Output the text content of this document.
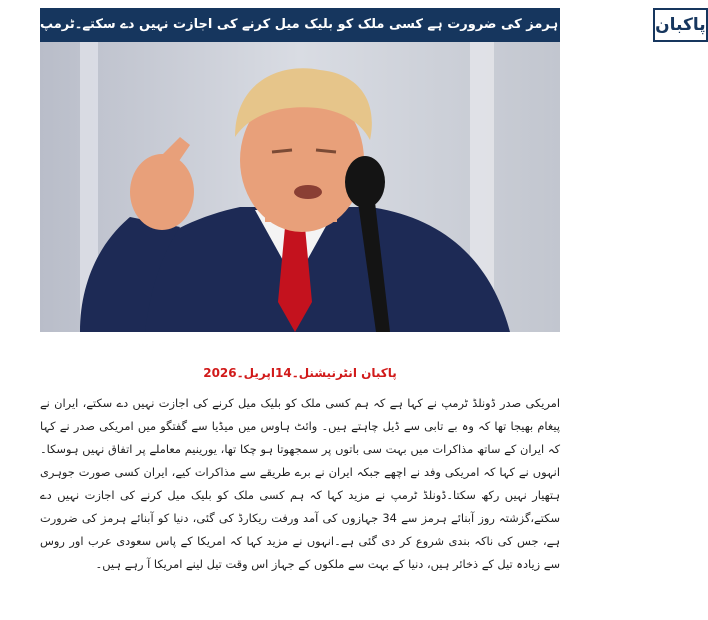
دنیا کو آبنائے ہرمز کی ضرورت ہے کسی ملک کو بلیک میل کرنے کی اجازت نہیں دے سکتے۔ٹرمپ پاکبان
پاکبان انٹرنیشنل۔14اپریل۔2026

امریکی صدر ڈونلڈ ٹرمپ نے کہا ہے کہ ہم کسی ملک کو بلیک میل کرنے کی اجازت نہیں دے سکتے، ایران نے پیغام بھیجا تھا کہ وہ بے تابی سے ڈیل چاہتے ہیں۔ وائٹ ہاوس میں میڈیا سے گفتگو میں امریکی صدر نے کہا کہ ایران کے ساتھ مذاکرات میں بہت سی باتوں پر سمجھوتا ہو چکا تھا، یورینیم معاملے پر اتفاق نہیں ہوسکا۔انہوں نے کہا کہ امریکی وفد نے اچھے جبکہ ایران نے برے طریقے سے مذاکرات کیے، ایران کسی صورت جوہری ہتھیار نہیں رکھ سکتا۔ڈونلڈ ٹرمپ نے مزید کہا کہ ہم کسی ملک کو بلیک میل کرنے کی اجازت نہیں دے سکتے،گزشتہ روز آبنائے ہرمز سے 34 جہازوں کی آمد ورفت ریکارڈ کی گئی، دنیا کو آبنائے ہرمز کی ضرورت ہے، جس کی ناکہ بندی شروع کر دی گئی ہے۔انہوں نے مزید کہا کہ امریکا کے پاس سعودی عرب اور روس سے زیادہ تیل کے ذخائر ہیں، دنیا کے بہت سے ملکوں کے جہاز اس وقت تیل لینے امریکا آ رہے ہیں۔
